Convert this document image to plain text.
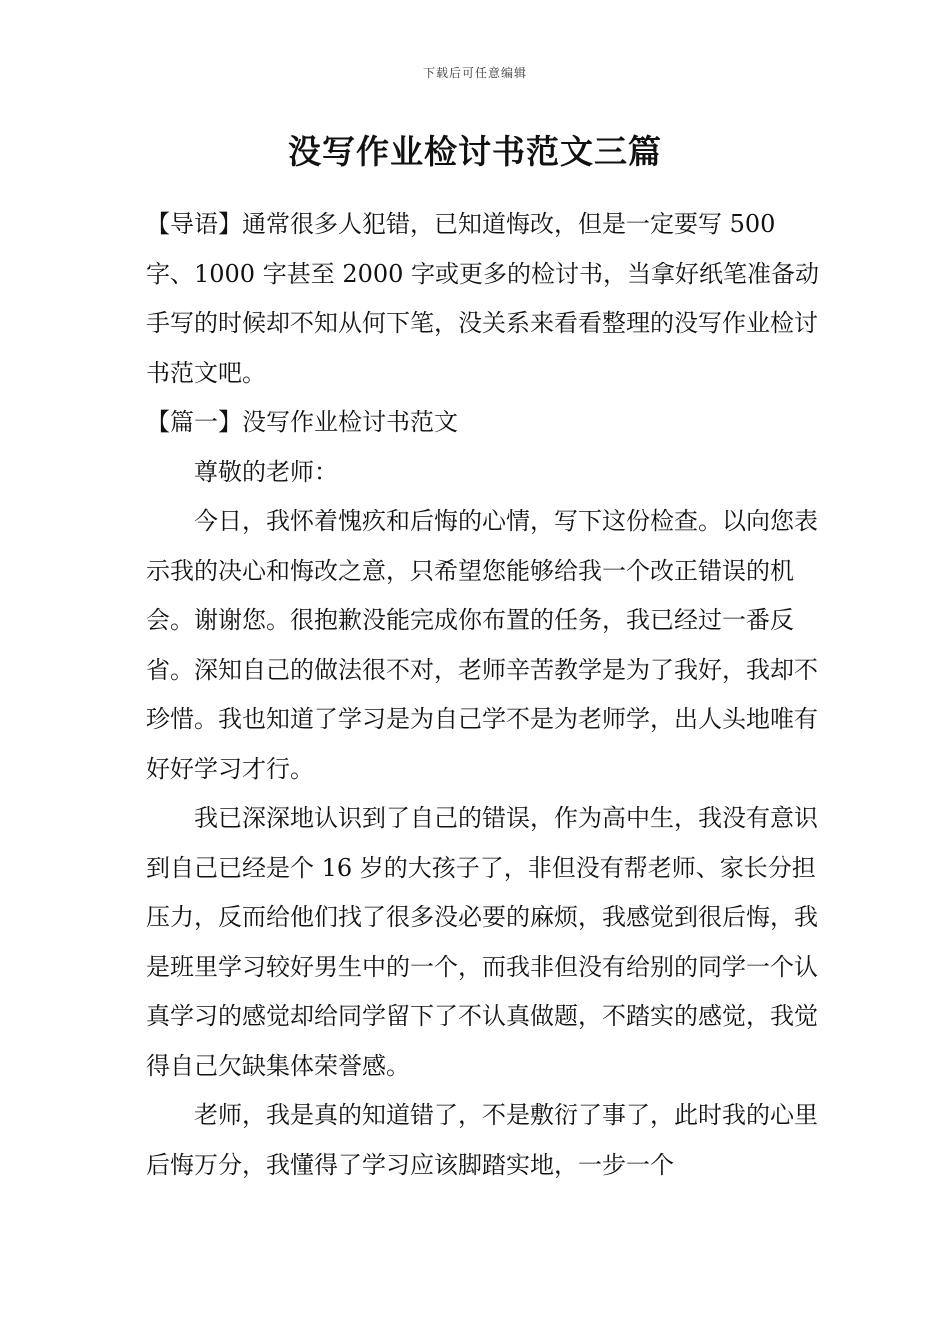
下载后可任意编辑
没写作业检讨书范文三篇

【导语】通常很多人犯错，已知道悔改，但是一定要写 500 字、1000 字甚至 2000 字或更多的检讨书，当拿好纸笔准备动手写的时候却不知从何下笔，没关系来看看整理的没写作业检讨书范文吧。

【篇一】没写作业检讨书范文

尊敬的老师：

今日，我怀着愧疚和后悔的心情，写下这份检查。以向您表示我的决心和悔改之意，只希望您能够给我一个改正错误的机会。谢谢您。很抱歉没能完成你布置的任务，我已经过一番反省。深知自己的做法很不对，老师辛苦教学是为了我好，我却不珍惜。我也知道了学习是为自己学不是为老师学，出人头地唯有好好学习才行。

我已深深地认识到了自己的错误，作为高中生，我没有意识到自己已经是个 16 岁的大孩子了，非但没有帮老师、家长分担压力，反而给他们找了很多没必要的麻烦，我感觉到很后悔，我是班里学习较好男生中的一个，而我非但没有给别的同学一个认真学习的感觉却给同学留下了不认真做题，不踏实的感觉，我觉得自己欠缺集体荣誉感。

老师，我是真的知道错了，不是敷衍了事了，此时我的心里后悔万分，我懂得了学习应该脚踏实地，一步一个
